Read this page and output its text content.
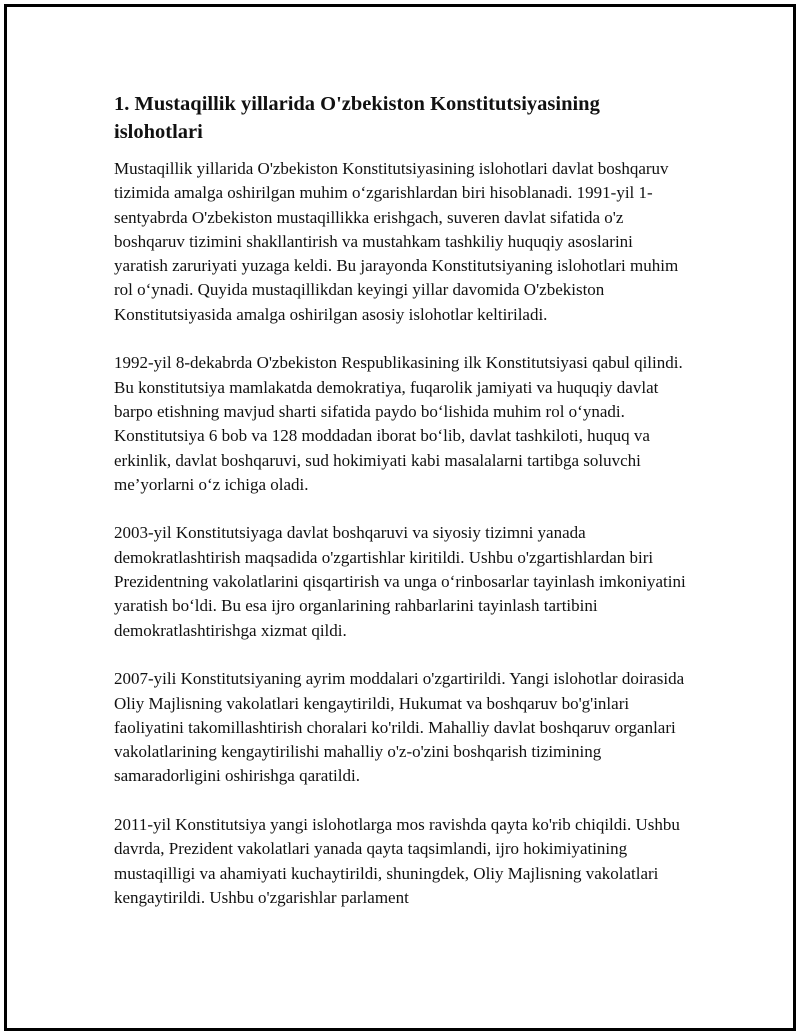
1. Mustaqillik yillarida O'zbekiston Konstitutsiyasining islohotlari

Mustaqillik yillarida O'zbekiston Konstitutsiyasining islohotlari davlat boshqaruv tizimida amalga oshirilgan muhim o‘zgarishlardan biri hisoblanadi. 1991-yil 1-sentyabrda O'zbekiston mustaqillikka erishgach, suveren davlat sifatida o'z boshqaruv tizimini shakllantirish va mustahkam tashkiliy huquqiy asoslarini yaratish zaruriyati yuzaga keldi. Bu jarayonda Konstitutsiyaning islohotlari muhim rol o‘ynadi. Quyida mustaqillikdan keyingi yillar davomida O'zbekiston Konstitutsiyasida amalga oshirilgan asosiy islohotlar keltiriladi.

1992-yil 8-dekabrda O'zbekiston Respublikasining ilk Konstitutsiyasi qabul qilindi. Bu konstitutsiya mamlakatda demokratiya, fuqarolik jamiyati va huquqiy davlat barpo etishning mavjud sharti sifatida paydo bo‘lishida muhim rol o‘ynadi. Konstitutsiya 6 bob va 128 moddadan iborat bo‘lib, davlat tashkiloti, huquq va erkinlik, davlat boshqaruvi, sud hokimiyati kabi masalalarni tartibga soluvchi me’yorlarni o‘z ichiga oladi.

2003-yil Konstitutsiyaga davlat boshqaruvi va siyosiy tizimni yanada demokratlashtirish maqsadida o'zgartishlar kiritildi. Ushbu o'zgartishlardan biri Prezidentning vakolatlarini qisqartirish va unga o‘rinbosarlar tayinlash imkoniyatini yaratish bo‘ldi. Bu esa ijro organlarining rahbarlarini tayinlash tartibini demokratlashtirishga xizmat qildi.

2007-yili Konstitutsiyaning ayrim moddalari o'zgartirildi. Yangi islohotlar doirasida Oliy Majlisning vakolatlari kengaytirildi, Hukumat va boshqaruv bo'g'inlari faoliyatini takomillashtirish choralari ko'rildi. Mahalliy davlat boshqaruv organlari vakolatlarining kengaytirilishi mahalliy o'z-o'zini boshqarish tizimining samaradorligini oshirishga qaratildi.

2011-yil Konstitutsiya yangi islohotlarga mos ravishda qayta ko'rib chiqildi. Ushbu davrda, Prezident vakolatlari yanada qayta taqsimlandi, ijro hokimiyatining mustaqilligi va ahamiyati kuchaytirildi, shuningdek, Oliy Majlisning vakolatlari kengaytirildi. Ushbu o'zgarishlar parlament
